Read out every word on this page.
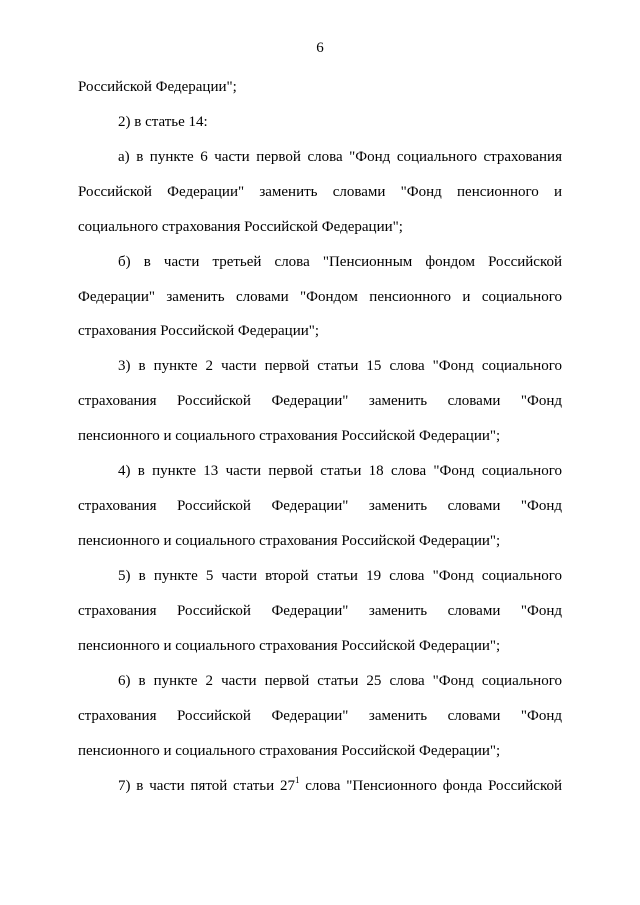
6
Российской Федерации";
2) в статье 14:
а) в пункте 6 части первой слова "Фонд социального страхования
Российской Федерации" заменить словами "Фонд пенсионного и
социального страхования Российской Федерации";
б) в части третьей слова "Пенсионным фондом Российской
Федерации" заменить словами "Фондом пенсионного и социального
страхования Российской Федерации";
3) в пункте 2 части первой статьи 15 слова "Фонд социального
страхования Российской Федерации" заменить словами "Фонд
пенсионного и социального страхования Российской Федерации";
4) в пункте 13 части первой статьи 18 слова "Фонд социального
страхования Российской Федерации" заменить словами "Фонд
пенсионного и социального страхования Российской Федерации";
5) в пункте 5 части второй статьи 19 слова "Фонд социального
страхования Российской Федерации" заменить словами "Фонд
пенсионного и социального страхования Российской Федерации";
6) в пункте 2 части первой статьи 25 слова "Фонд социального
страхования Российской Федерации" заменить словами "Фонд
пенсионного и социального страхования Российской Федерации";
7) в части пятой статьи $27^1$ слова "Пенсионного фонда Российской
